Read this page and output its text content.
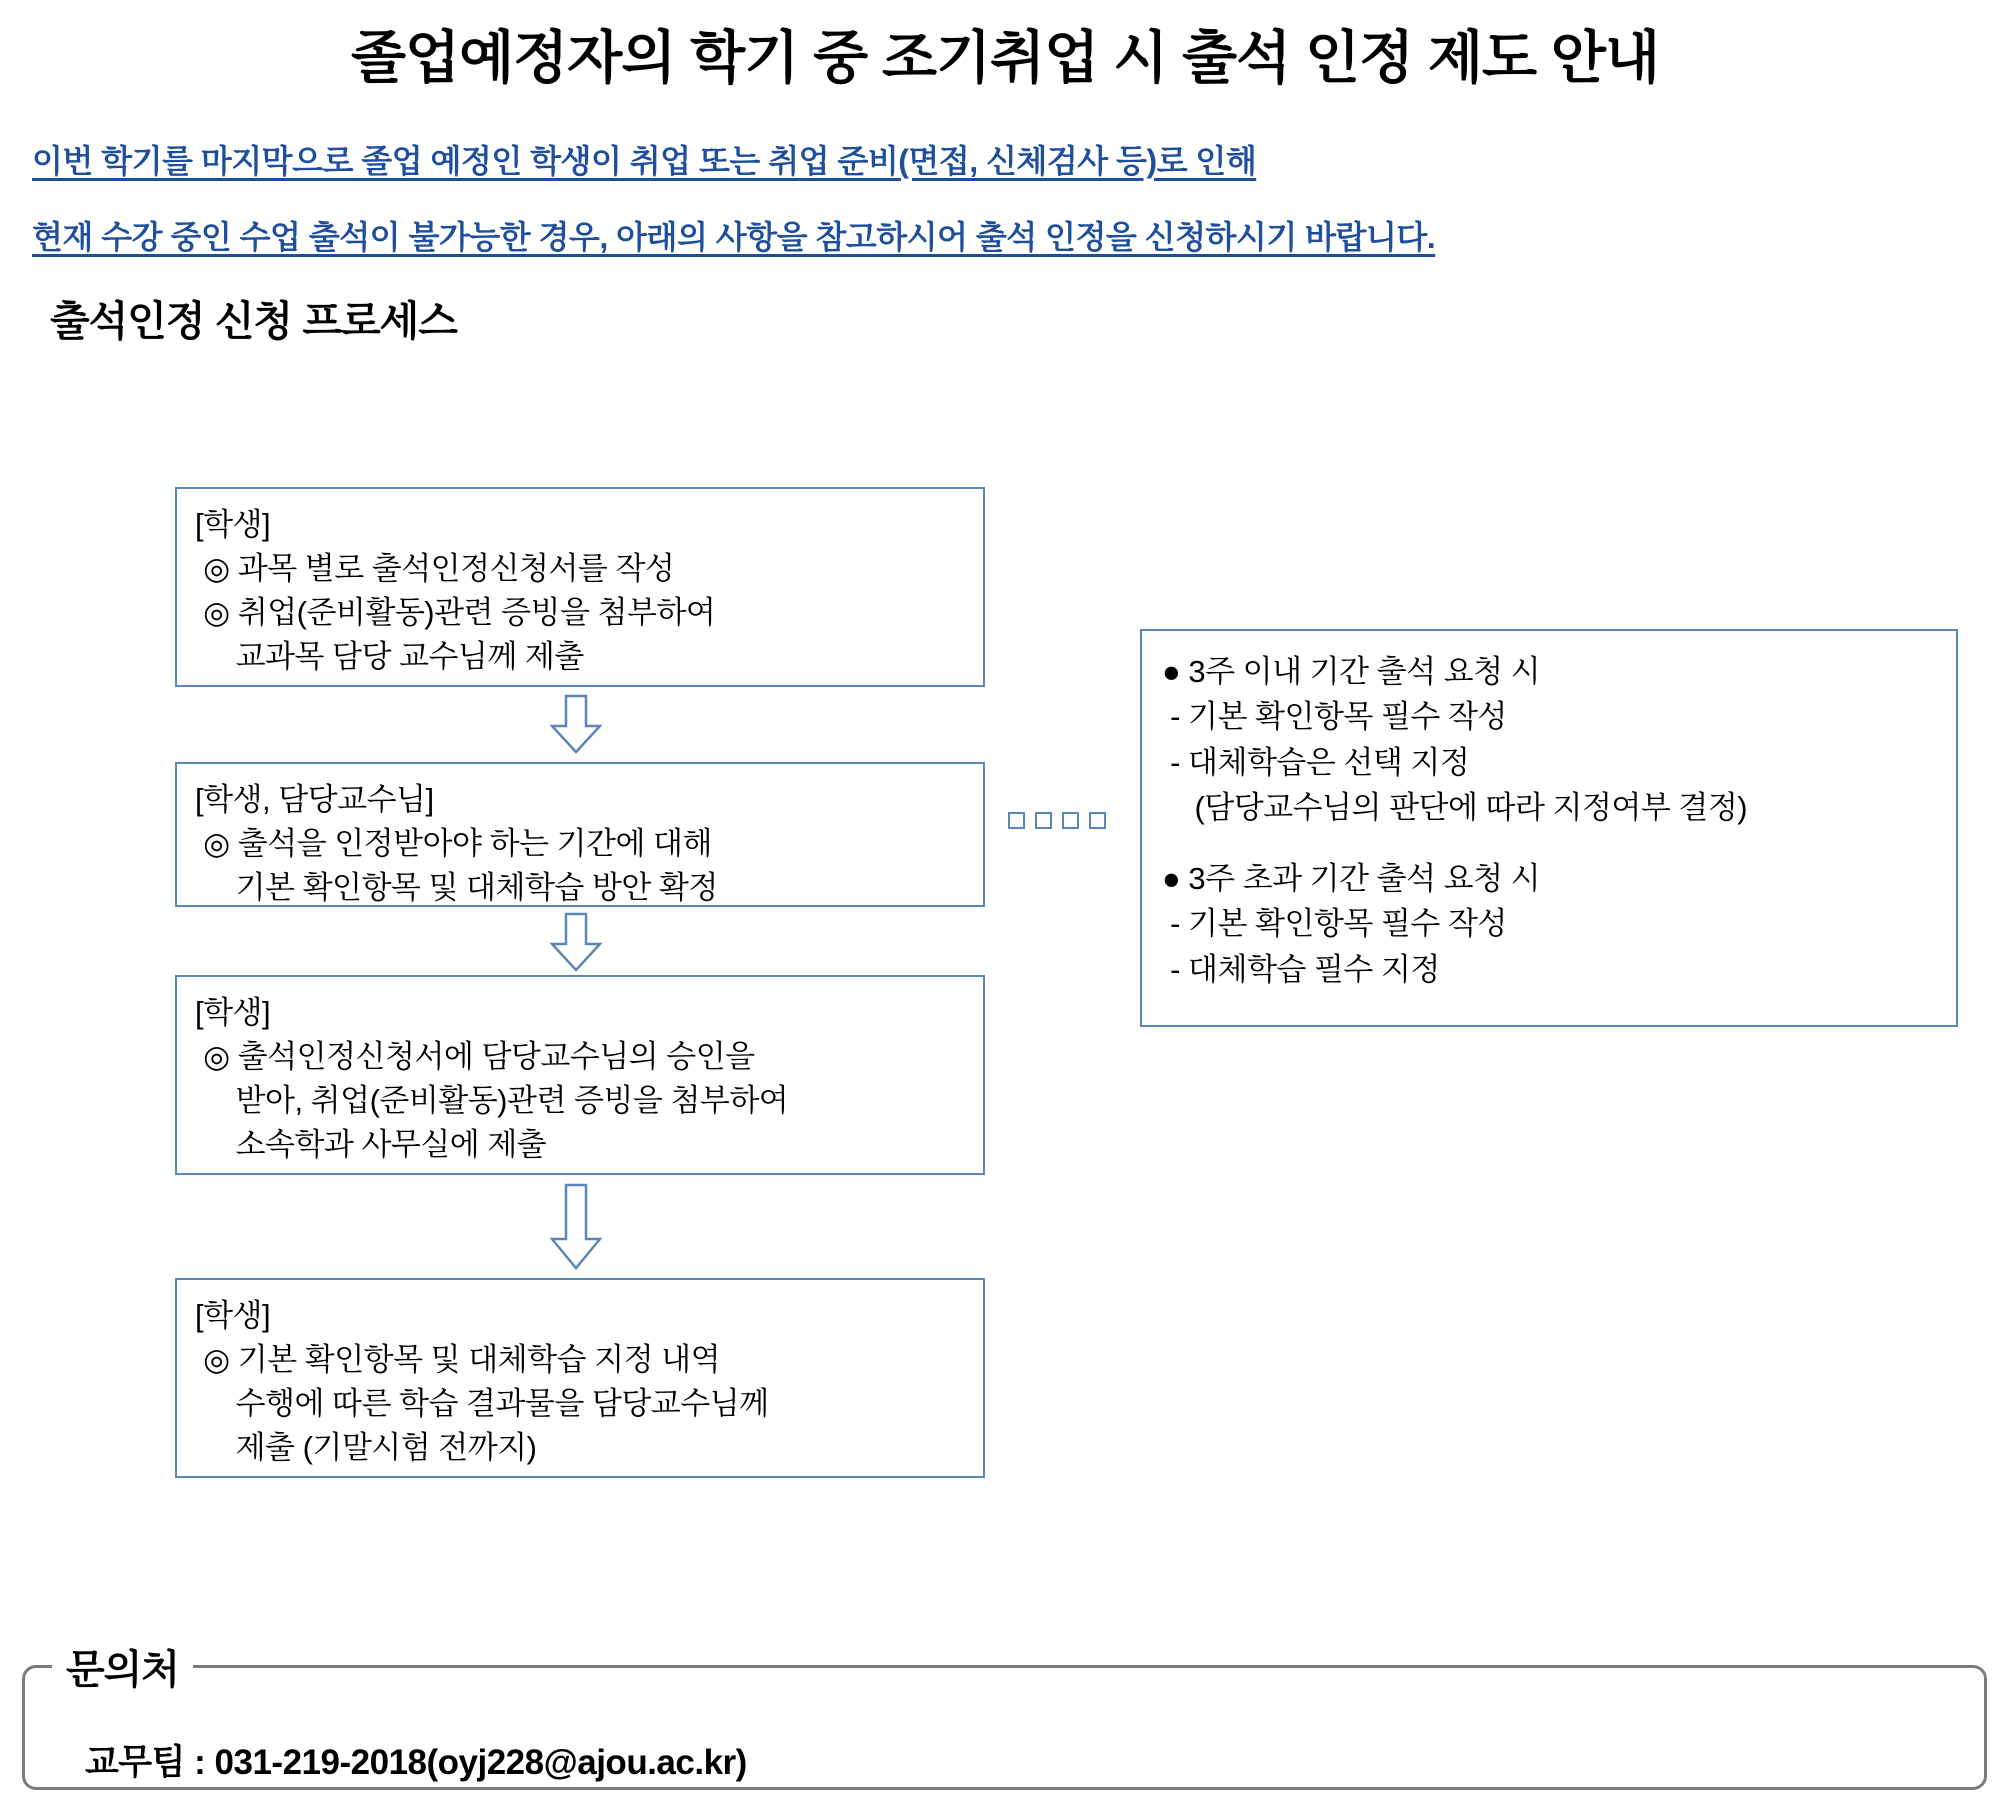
졸업예정자의 학기 중 조기취업 시 출석 인정 제도 안내
이번 학기를 마지막으로 졸업 예정인 학생이 취업 또는 취업 준비(면접, 신체검사 등)로 인해
현재 수강 중인 수업 출석이 불가능한 경우, 아래의 사항을 참고하시어 출석 인정을 신청하시기 바랍니다.
출석인정 신청 프로세스
[학생]
◎ 과목 별로 출석인정신청서를 작성
◎ 취업(준비활동)관련 증빙을 첨부하여
교과목 담당 교수님께 제출
[학생, 담당교수님]
◎ 출석을 인정받아야 하는 기간에 대해
기본 확인항목 및 대체학습 방안 확정
[학생]
◎ 출석인정신청서에 담당교수님의 승인을
받아, 취업(준비활동)관련 증빙을 첨부하여
소속학과 사무실에 제출
[학생]
◎ 기본 확인항목 및 대체학습 지정 내역
수행에 따른 학습 결과물을 담당교수님께
제출 (기말시험 전까지)
● 3주 이내 기간 출석 요청 시
- 기본 확인항목 필수 작성
- 대체학습은 선택 지정
(담당교수님의 판단에 따라 지정여부 결정)
● 3주 초과 기간 출석 요청 시
- 기본 확인항목 필수 작성
- 대체학습 필수 지정
문의처
교무팀 : 031-219-2018(oyj228@ajou.ac.kr)
